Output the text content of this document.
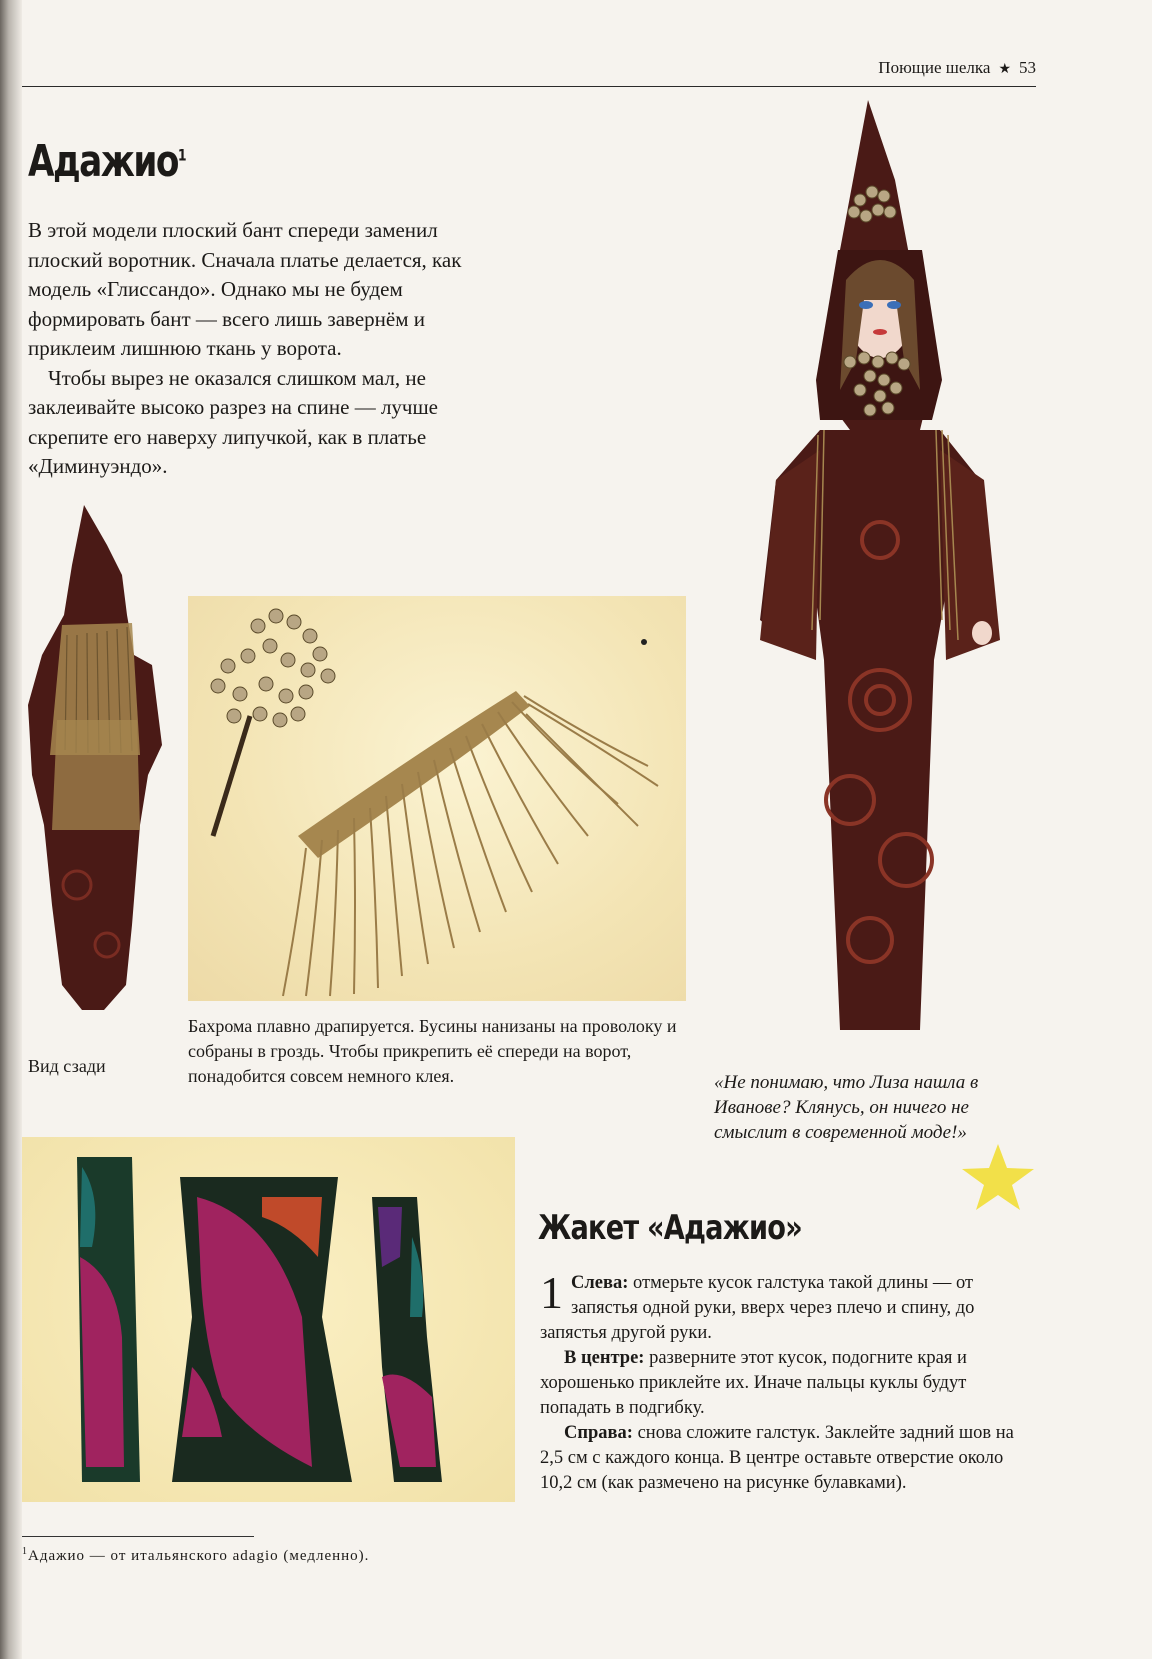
Поющие шелка ★ 53
Адажио$^1$

В этой модели плоский бант спереди заменил плоский воротник. Сначала платье делается, как модель «Глиссандо». Однако мы не будем формировать бант — всего лишь завернём и приклеим лишнюю ткань у ворота.

Чтобы вырез не оказался слишком мал, не заклеивайте высоко разрез на спине — лучше скрепите его наверху липучкой, как в платье «Диминуэндо».

Вид сзади
Бахрома плавно драпируется. Бусины нанизаны на проволоку и собраны в гроздь. Чтобы прикрепить её спереди на ворот, понадобится совсем немного клея.	«Не понимаю, что Лиза нашла в Иванове? Клянусь, он ничего не смыслит в современной моде!»
Жакет «Адажио»

1 Слева: отмерьте кусок галстука такой длины — от запястья одной руки, вверх через плечо и спину, до запястья другой руки.

В центре: разверните этот кусок, подогните края и хорошенько приклейте их. Иначе пальцы куклы будут попадать в подгибку.

Справа: снова сложите галстук. Заклейте задний шов на 2,5 см с каждого конца. В центре оставьте отверстие около 10,2 см (как размечено на рисунке булавками).

$^1$Адажио — от итальянского adagio (медленно).
